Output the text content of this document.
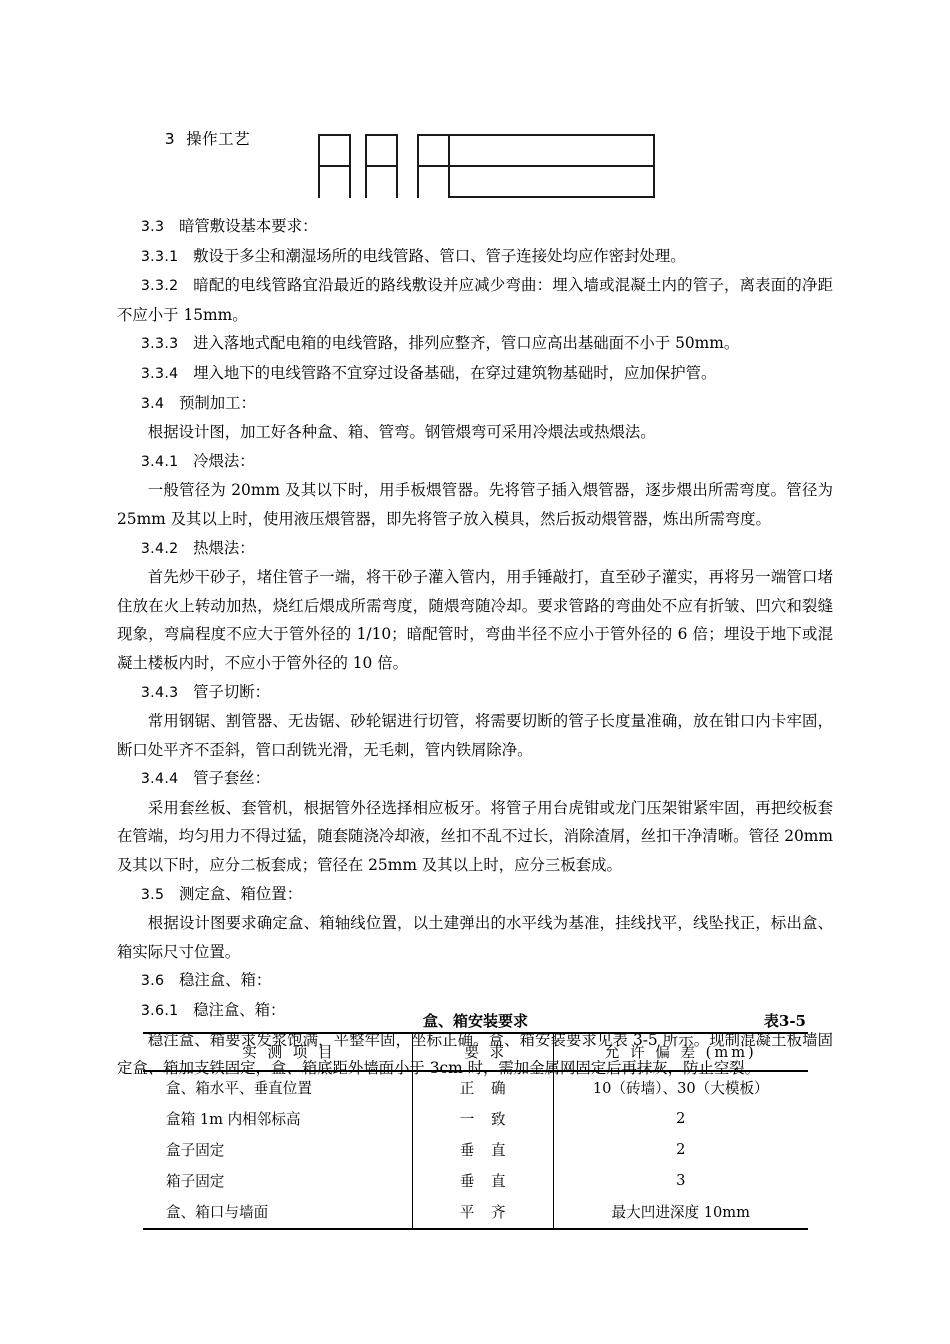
3 操作工艺

3.3 暗管敷设基本要求：

3.3.1 敷设于多尘和潮湿场所的电线管路、管口、管子连接处均应作密封处理。

3.3.2 暗配的电线管路宜沿最近的路线敷设并应减少弯曲：埋入墙或混凝土内的管子，离表面的净距不应小于 15mm。

3.3.3 进入落地式配电箱的电线管路，排列应整齐，管口应高出基础面不小于 50mm。

3.3.4 埋入地下的电线管路不宜穿过设备基础，在穿过建筑物基础时，应加保护管。

3.4 预制加工：

根据设计图，加工好各种盒、箱、管弯。钢管煨弯可采用冷煨法或热煨法。

3.4.1 冷煨法：

一般管径为 20mm 及其以下时，用手板煨管器。先将管子插入煨管器，逐步煨出所需弯度。管径为 25mm 及其以上时，使用液压煨管器，即先将管子放入模具，然后扳动煨管器，炼出所需弯度。

3.4.2 热煨法：

首先炒干砂子，堵住管子一端，将干砂子灌入管内，用手锤敲打，直至砂子灌实，再将另一端管口堵住放在火上转动加热，烧红后煨成所需弯度，随煨弯随冷却。要求管路的弯曲处不应有折皱、凹穴和裂缝现象，弯扁程度不应大于管外径的 1/10；暗配管时，弯曲半径不应小于管外径的 6 倍；埋设于地下或混凝土楼板内时，不应小于管外径的 10 倍。

3.4.3 管子切断：

常用钢锯、割管器、无齿锯、砂轮锯进行切管，将需要切断的管子长度量准确，放在钳口内卡牢固，断口处平齐不歪斜，管口刮铣光滑，无毛刺，管内铁屑除净。

3.4.4 管子套丝：

采用套丝板、套管机，根据管外径选择相应板牙。将管子用台虎钳或龙门压架钳紧牢固，再把绞板套在管端，均匀用力不得过猛，随套随浇冷却液，丝扣不乱不过长，消除渣屑，丝扣干净清晰。管径 20mm 及其以下时，应分二板套成；管径在 25mm 及其以上时，应分三板套成。

3.5 测定盒、箱位置：

根据设计图要求确定盒、箱轴线位置，以土建弹出的水平线为基准，挂线找平，线坠找正，标出盒、箱实际尺寸位置。

3.6 稳注盒、箱：

3.6.1 稳注盒、箱：

稳注盒、箱要求发浆饱满，平整牢固，坐标正确。盒、箱安装要求见表 3-5 所示。现制混凝土板墙固定盒、箱加支铁固定，盒、箱底距外墙面小于 3cm 时，需加金属网固定后再抹灰，防止空裂。

盒、箱安装要求	表3-5
实 测 项 目	要 求	允 许 偏 差 (mm)
盒、箱水平、垂直位置	正 确	10（砖墙）、30（大模板）
盒箱 1m 内相邻标高	一 致	2
盒子固定	垂 直	2
箱子固定	垂 直	3
盒、箱口与墙面	平 齐	最大凹进深度 10mm
